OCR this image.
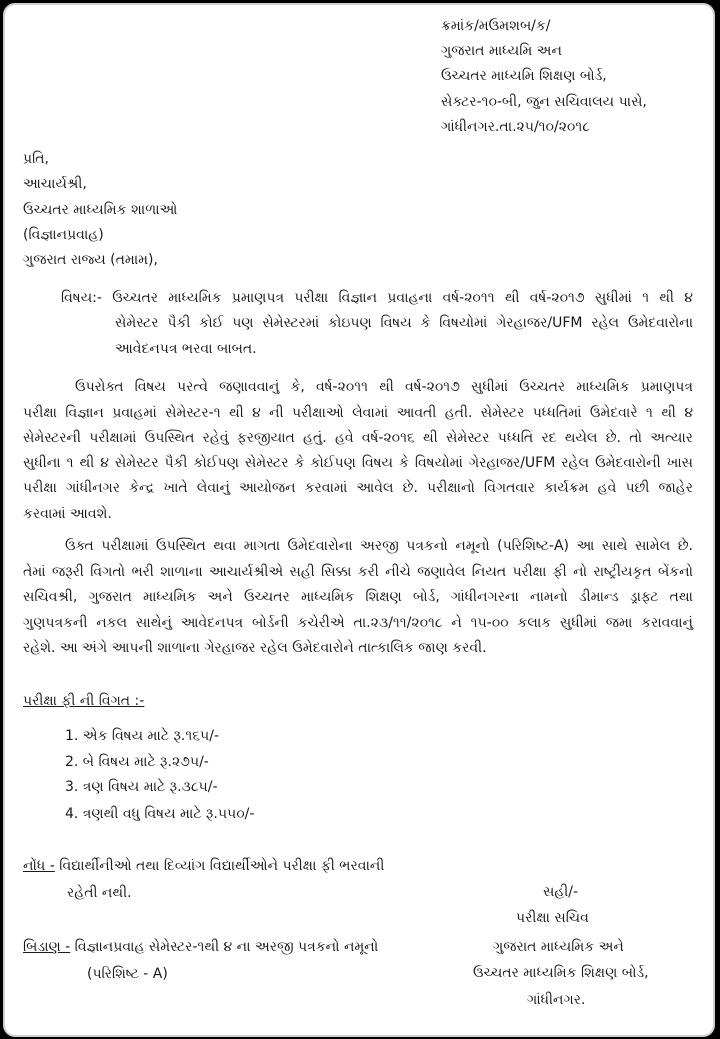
ક્રમાંક/મઉમશબ/ક/

ગુજરાત માધ્યમિ અન

ઉચ્ચતર માધ્યમિ શિક્ષણ બોર્ડ,

સેક્ટર-૧૦-બી, જુન સચિવાલય પાસે,

ગાંધીનગર.તા.૨૫/૧૦/૨૦૧૮

પ્રતિ,

આચાર્યશ્રી,

ઉચ્ચતર માધ્યમિક શાળાઓ

(વિજ્ઞાનપ્રવાહ)

ગુજરાત રાજ્ય (તમામ),

વિષય:- ઉચ્ચતર માધ્યમિક પ્રમાણપત્ર પરીક્ષા વિજ્ઞાન પ્રવાહના વર્ષ-૨૦૧૧ થી વર્ષ-૨૦૧૭ સુધીમાં ૧ થી ૪

સેમેસ્ટર પૈકી કોઈ પણ સેમેસ્ટરમાં કોઇપણ વિષય કે વિષયોમાં ગેરહાજર/UFM રહેલ ઉમેદવારોના

આવેદનપત્ર ભરવા બાબત.

ઉપરોક્ત વિષય પરત્વે જણાવવાનું કે, વર્ષ-૨૦૧૧ થી વર્ષ-૨૦૧૭ સુધીમાં ઉચ્ચતર માધ્યમિક પ્રમાણપત્ર

પરીક્ષા વિજ્ઞાન પ્રવાહમાં સેમેસ્ટર-૧ થી ૪ ની પરીક્ષાઓ લેવામાં આવતી હતી. સેમેસ્ટર પધ્ધતિમાં ઉમેદવારે ૧ થી ૪

સેમેસ્ટરની પરીક્ષામાં ઉપસ્થિત રહેવું ફરજીયાત હતું. હવે વર્ષ-૨૦૧૬ થી સેમેસ્ટર પધ્ધતિ રદ થયેલ છે. તો અત્યાર

સુધીના ૧ થી ૪ સેમેસ્ટર પૈકી કોઈપણ સેમેસ્ટર કે કોઈપણ વિષય કે વિષયોમાં ગેરહાજર/UFM રહેલ ઉમેદવારોની ખાસ

પરીક્ષા ગાંધીનગર કેન્દ્ર ખાતે લેવાનું આયોજન કરવામાં આવેલ છે. પરીક્ષાનો વિગતવાર કાર્યક્રમ હવે પછી જાહેર

કરવામાં આવશે.

ઉક્ત પરીક્ષામાં ઉપસ્થિત થવા માગતા ઉમેદવારોના અરજી પત્રકનો નમૂનો (પરિશિષ્ટ-A) આ સાથે સામેલ છે.

તેમાં જરૂરી વિગતો ભરી શાળાના આચાર્યશ્રીએ સહી સિક્કા કરી નીચે જણાવેલ નિયત પરીક્ષા ફી નો રાષ્ટ્રીયકૃત બેંકનો

સચિવશ્રી, ગુજરાત માધ્યમિક અને ઉચ્ચતર માધ્યમિક શિક્ષણ બોર્ડ, ગાંધીનગરના નામનો ડીમાન્ડ ડ્રાફ્ટ તથા

ગુણપત્રકની નકલ સાથેનું આવેદનપત્ર બોર્ડની કચેરીએ તા.૨૩/૧૧/૨૦૧૮ ને ૧૫-૦૦ કલાક સુધીમાં જમા કરાવવાનું

રહેશે. આ અંગે આપની શાળાના ગેરહાજર રહેલ ઉમેદવારોને તાત્કાલિક જાણ કરવી.

પરીક્ષા ફી ની વિગત :-

1. એક વિષય માટે રૂ.૧૬૫/-

2. બે વિષય માટે રૂ.૨૭૫/-

3. ત્રણ વિષય માટે રૂ.૩૮૫/-

4. ત્રણથી વધુ વિષય માટે રૂ.૫૫૦/-

નોંધ - વિદ્યાર્થીનીઓ તથા દિવ્યાંગ વિદ્યાર્થીઓને પરીક્ષા ફી ભરવાની

રહેતી નથી.

બિડાણ - વિજ્ઞાનપ્રવાહ સેમેસ્ટર-૧થી ૪ ના અરજી પત્રકનો નમૂનો

(પરિશિષ્ટ - A)

સહી/-

પરીક્ષા સચિવ

ગુજરાત માધ્યમિક અને

ઉચ્ચતર માધ્યમિક શિક્ષણ બોર્ડ,

ગાંધીનગર.
